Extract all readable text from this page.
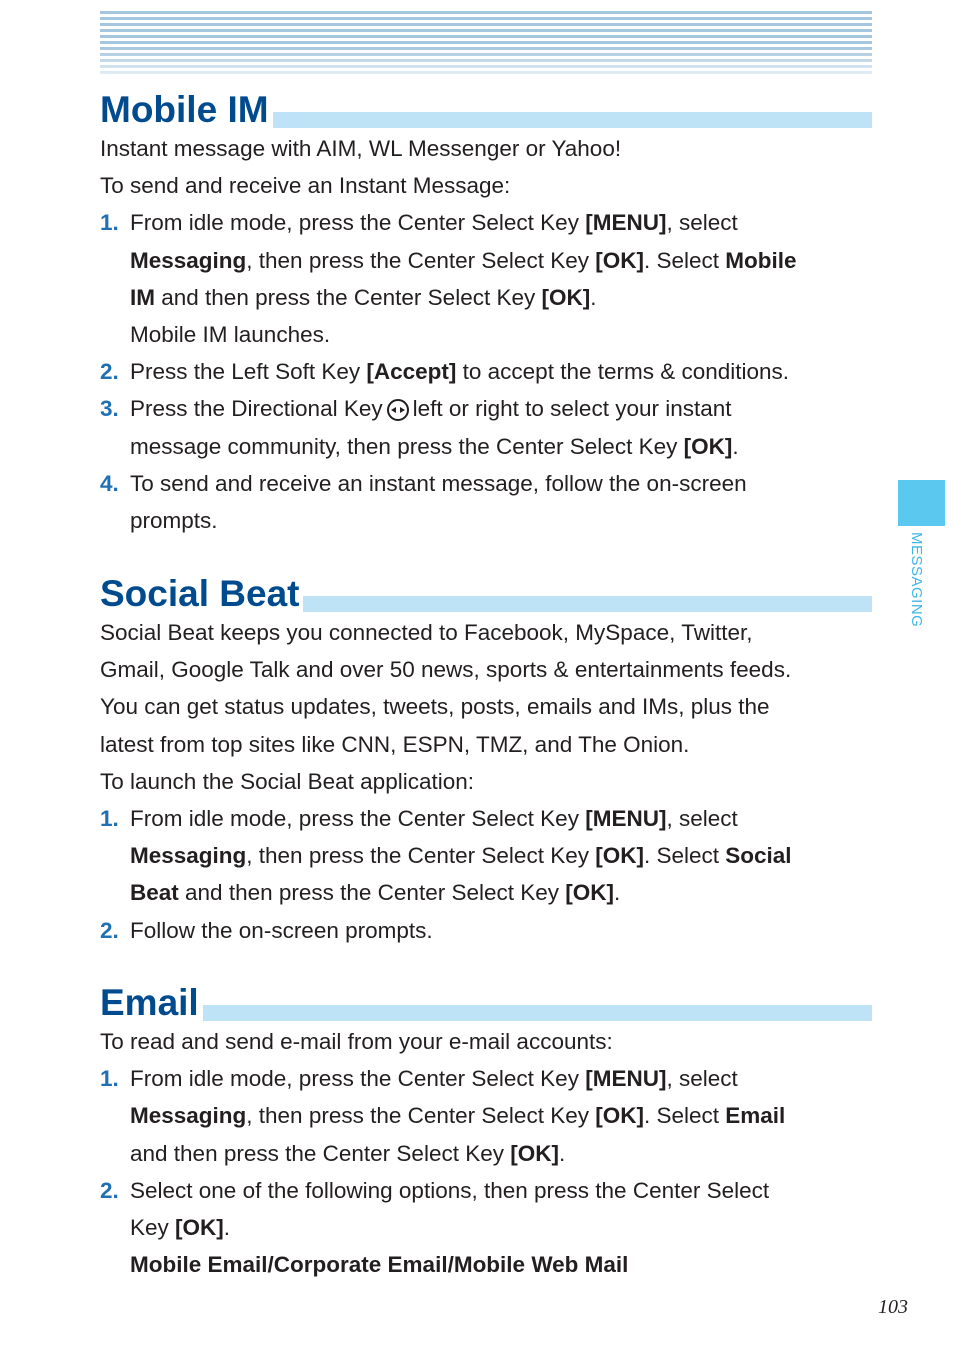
Mobile IM

Instant message with AIM, WL Messenger or Yahoo!

To send and receive an Instant Message:

1. From idle mode, press the Center Select Key [MENU], select
Messaging, then press the Center Select Key [OK]. Select Mobile
IM and then press the Center Select Key [OK].
Mobile IM launches.
2. Press the Left Soft Key [Accept] to accept the terms & conditions.
3. Press the Directional Key left or right to select your instant
message community, then press the Center Select Key [OK].
4. To send and receive an instant message, follow the on-screen
prompts.
Social Beat

Social Beat keeps you connected to Facebook, MySpace, Twitter,

Gmail, Google Talk and over 50 news, sports & entertainments feeds.

You can get status updates, tweets, posts, emails and IMs, plus the

latest from top sites like CNN, ESPN, TMZ, and The Onion.

To launch the Social Beat application:

1. From idle mode, press the Center Select Key [MENU], select
Messaging, then press the Center Select Key [OK]. Select Social
Beat and then press the Center Select Key [OK].
2. Follow the on-screen prompts.
Email

To read and send e-mail from your e-mail accounts:

1. From idle mode, press the Center Select Key [MENU], select
Messaging, then press the Center Select Key [OK]. Select Email
and then press the Center Select Key [OK].
2. Select one of the following options, then press the Center Select
Key [OK].
Mobile Email/Corporate Email/Mobile Web Mail
MESSAGING
103
